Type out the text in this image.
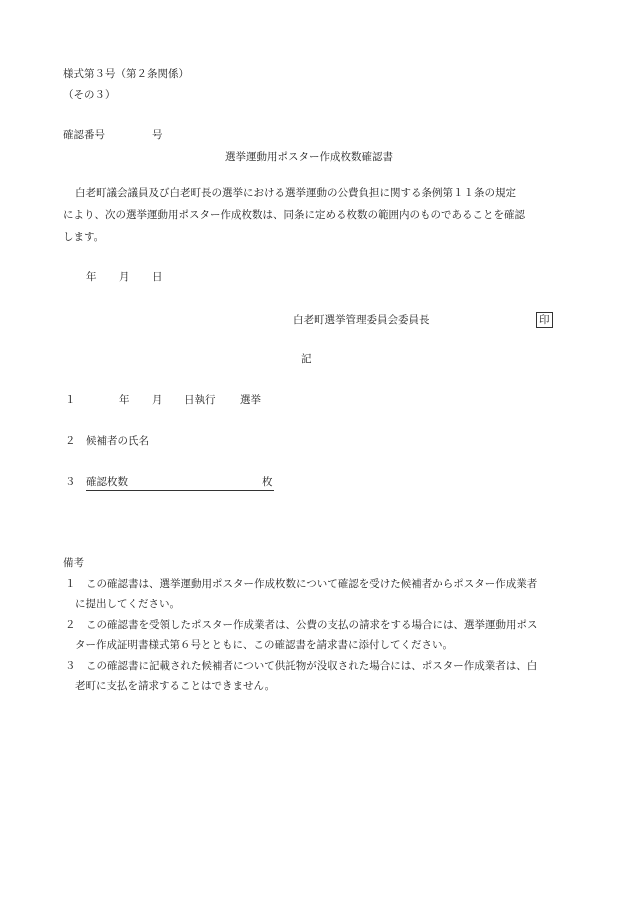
様式第３号（第２条関係）
（その３）
確認番号	号
選挙運動用ポスター作成枚数確認書
白老町議会議員及び白老町長の選挙における選挙運動の公費負担に関する条例第１１条の規定
により、次の選挙運動用ポスター作成枚数は、同条に定める枚数の範囲内のものであることを確認
します。
年 月 日
白老町選挙管理委員会委員長	印
記
１	年 月 日執行 選挙
２ 候補者の氏名
３ 確認枚数	枚
備考
１ この確認書は、選挙運動用ポスター作成枚数について確認を受けた候補者からポスター作成業者
に提出してください。
２ この確認書を受領したポスター作成業者は、公費の支払の請求をする場合には、選挙運動用ポス
ター作成証明書様式第６号とともに、この確認書を請求書に添付してください。
３ この確認書に記載された候補者について供託物が没収された場合には、ポスター作成業者は、白
老町に支払を請求することはできません。
